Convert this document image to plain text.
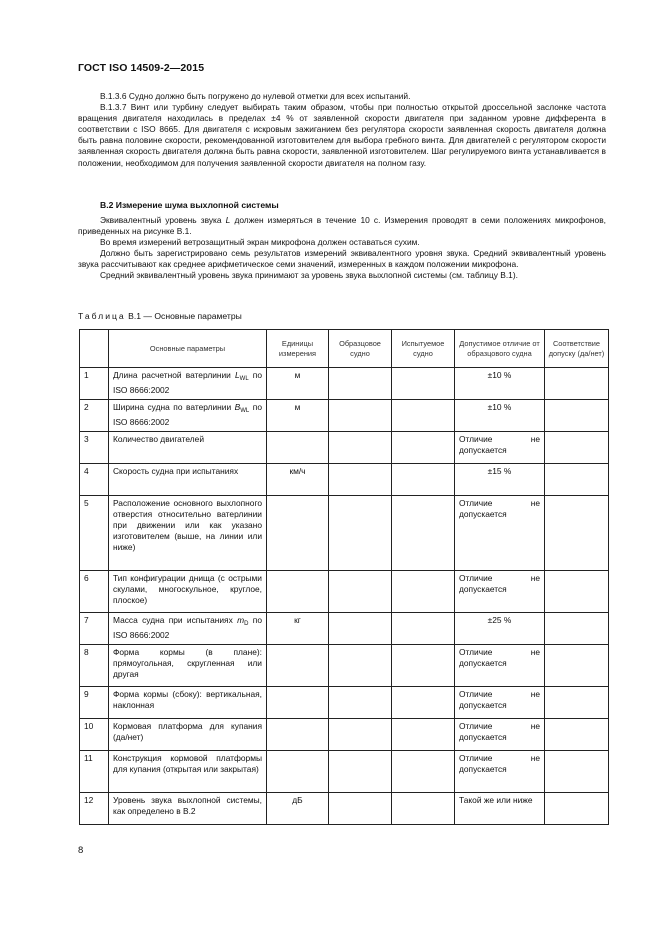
ГОСТ ISO 14509-2—2015

В.1.3.6 Судно должно быть погружено до нулевой отметки для всех испытаний.

В.1.3.7 Винт или турбину следует выбирать таким образом, чтобы при полностью открытой дроссельной заслонке частота вращения двигателя находилась в пределах ±4 % от заявленной скорости двигателя при заданном уровне дифферента в соответствии с ISO 8665. Для двигателя с искровым зажиганием без регулятора скорости заявленная скорость двигателя должна быть равна половине скорости, рекомендованной изготовителем для выбора гребного винта. Для двигателей с регулятором скорости заявленная скорость двигателя должна быть равна скорости, заявленной изготовителем. Шаг регулируемого винта устанавливается в положении, необходимом для получения заявленной скорости двигателя на полном газу.

В.2 Измерение шума выхлопной системы

Эквивалентный уровень звука L должен измеряться в течение 10 с. Измерения проводят в семи положениях микрофонов, приведенных на рисунке В.1.

Во время измерений ветрозащитный экран микрофона должен оставаться сухим.

Должно быть зарегистрировано семь результатов измерений эквивалентного уровня звука. Средний эквивалентный уровень звука рассчитывают как среднее арифметическое семи значений, измеренных в каждом положении микрофона.

Средний эквивалентный уровень звука принимают за уровень звука выхлопной системы (см. таблицу В.1).

Таблица В.1 — Основные параметры
	Основные параметры	Единицы измерения	Образцовое судно	Испытуемое судно	Допустимое отличие от образцового судна	Соответствие допуску (да/нет)
1	Длина расчетной ватерлинии $L_{WL}$ по ISO 8666:2002	м			±10 %	
2	Ширина судна по ватерлинии $B_{WL}$ по ISO 8666:2002	м			±10 %	
3	Количество двигателей				Отличие не допускается	
4	Скорость судна при испытаниях	км/ч			±15 %	
5	Расположение основного выхлопного отверстия относительно ватерлинии при движении или как указано изготовителем (выше, на линии или ниже)				Отличие не допускается	
6	Тип конфигурации днища (с острыми скулами, многоскульное, круглое, плоское)				Отличие не допускается	
7	Масса судна при испытаниях $m_D$ по ISO 8666:2002	кг			±25 %	
8	Форма кормы (в плане): прямоугольная, скругленная или другая				Отличие не допускается	
9	Форма кормы (сбоку): вертикальная, наклонная				Отличие не допускается	
10	Кормовая платформа для купания (да/нет)				Отличие не допускается	
11	Конструкция кормовой платформы для купания (открытая или закрытая)				Отличие не допускается	
12	Уровень звука выхлопной системы, как определено в В.2	дБ			Такой же или ниже	
8
